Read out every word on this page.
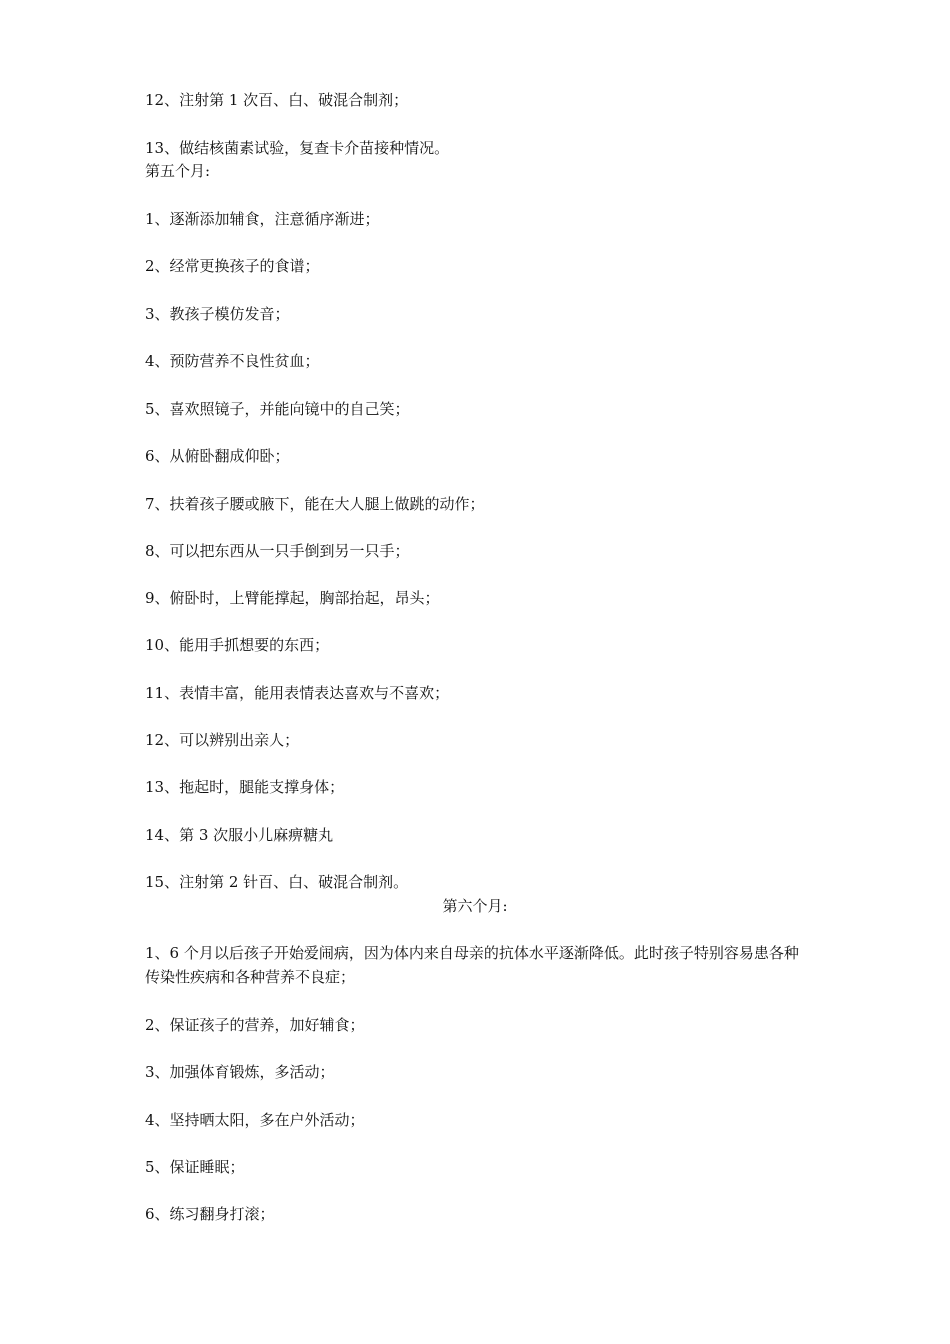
12、注射第 1 次百、白、破混合制剂；
13、做结核菌素试验，复查卡介苗接种情况。
第五个月:
1、逐渐添加辅食，注意循序渐进；
2、经常更换孩子的食谱；
3、教孩子模仿发音；
4、预防营养不良性贫血；
5、喜欢照镜子，并能向镜中的自己笑；
6、从俯卧翻成仰卧；
7、扶着孩子腰或腋下，能在大人腿上做跳的动作；
8、可以把东西从一只手倒到另一只手；
9、俯卧时，上臂能撑起，胸部抬起，昂头；
10、能用手抓想要的东西；
11、表情丰富，能用表情表达喜欢与不喜欢；
12、可以辨别出亲人；
13、拖起时，腿能支撑身体；
14、第 3 次服小儿麻痹糖丸
15、注射第 2 针百、白、破混合制剂。
第六个月:
1、6 个月以后孩子开始爱闹病，因为体内来自母亲的抗体水平逐渐降低。此时孩子特别容易患各种传染性疾病和各种营养不良症；
2、保证孩子的营养，加好辅食；
3、加强体育锻炼，多活动；
4、坚持晒太阳，多在户外活动；
5、保证睡眠；
6、练习翻身打滚；
